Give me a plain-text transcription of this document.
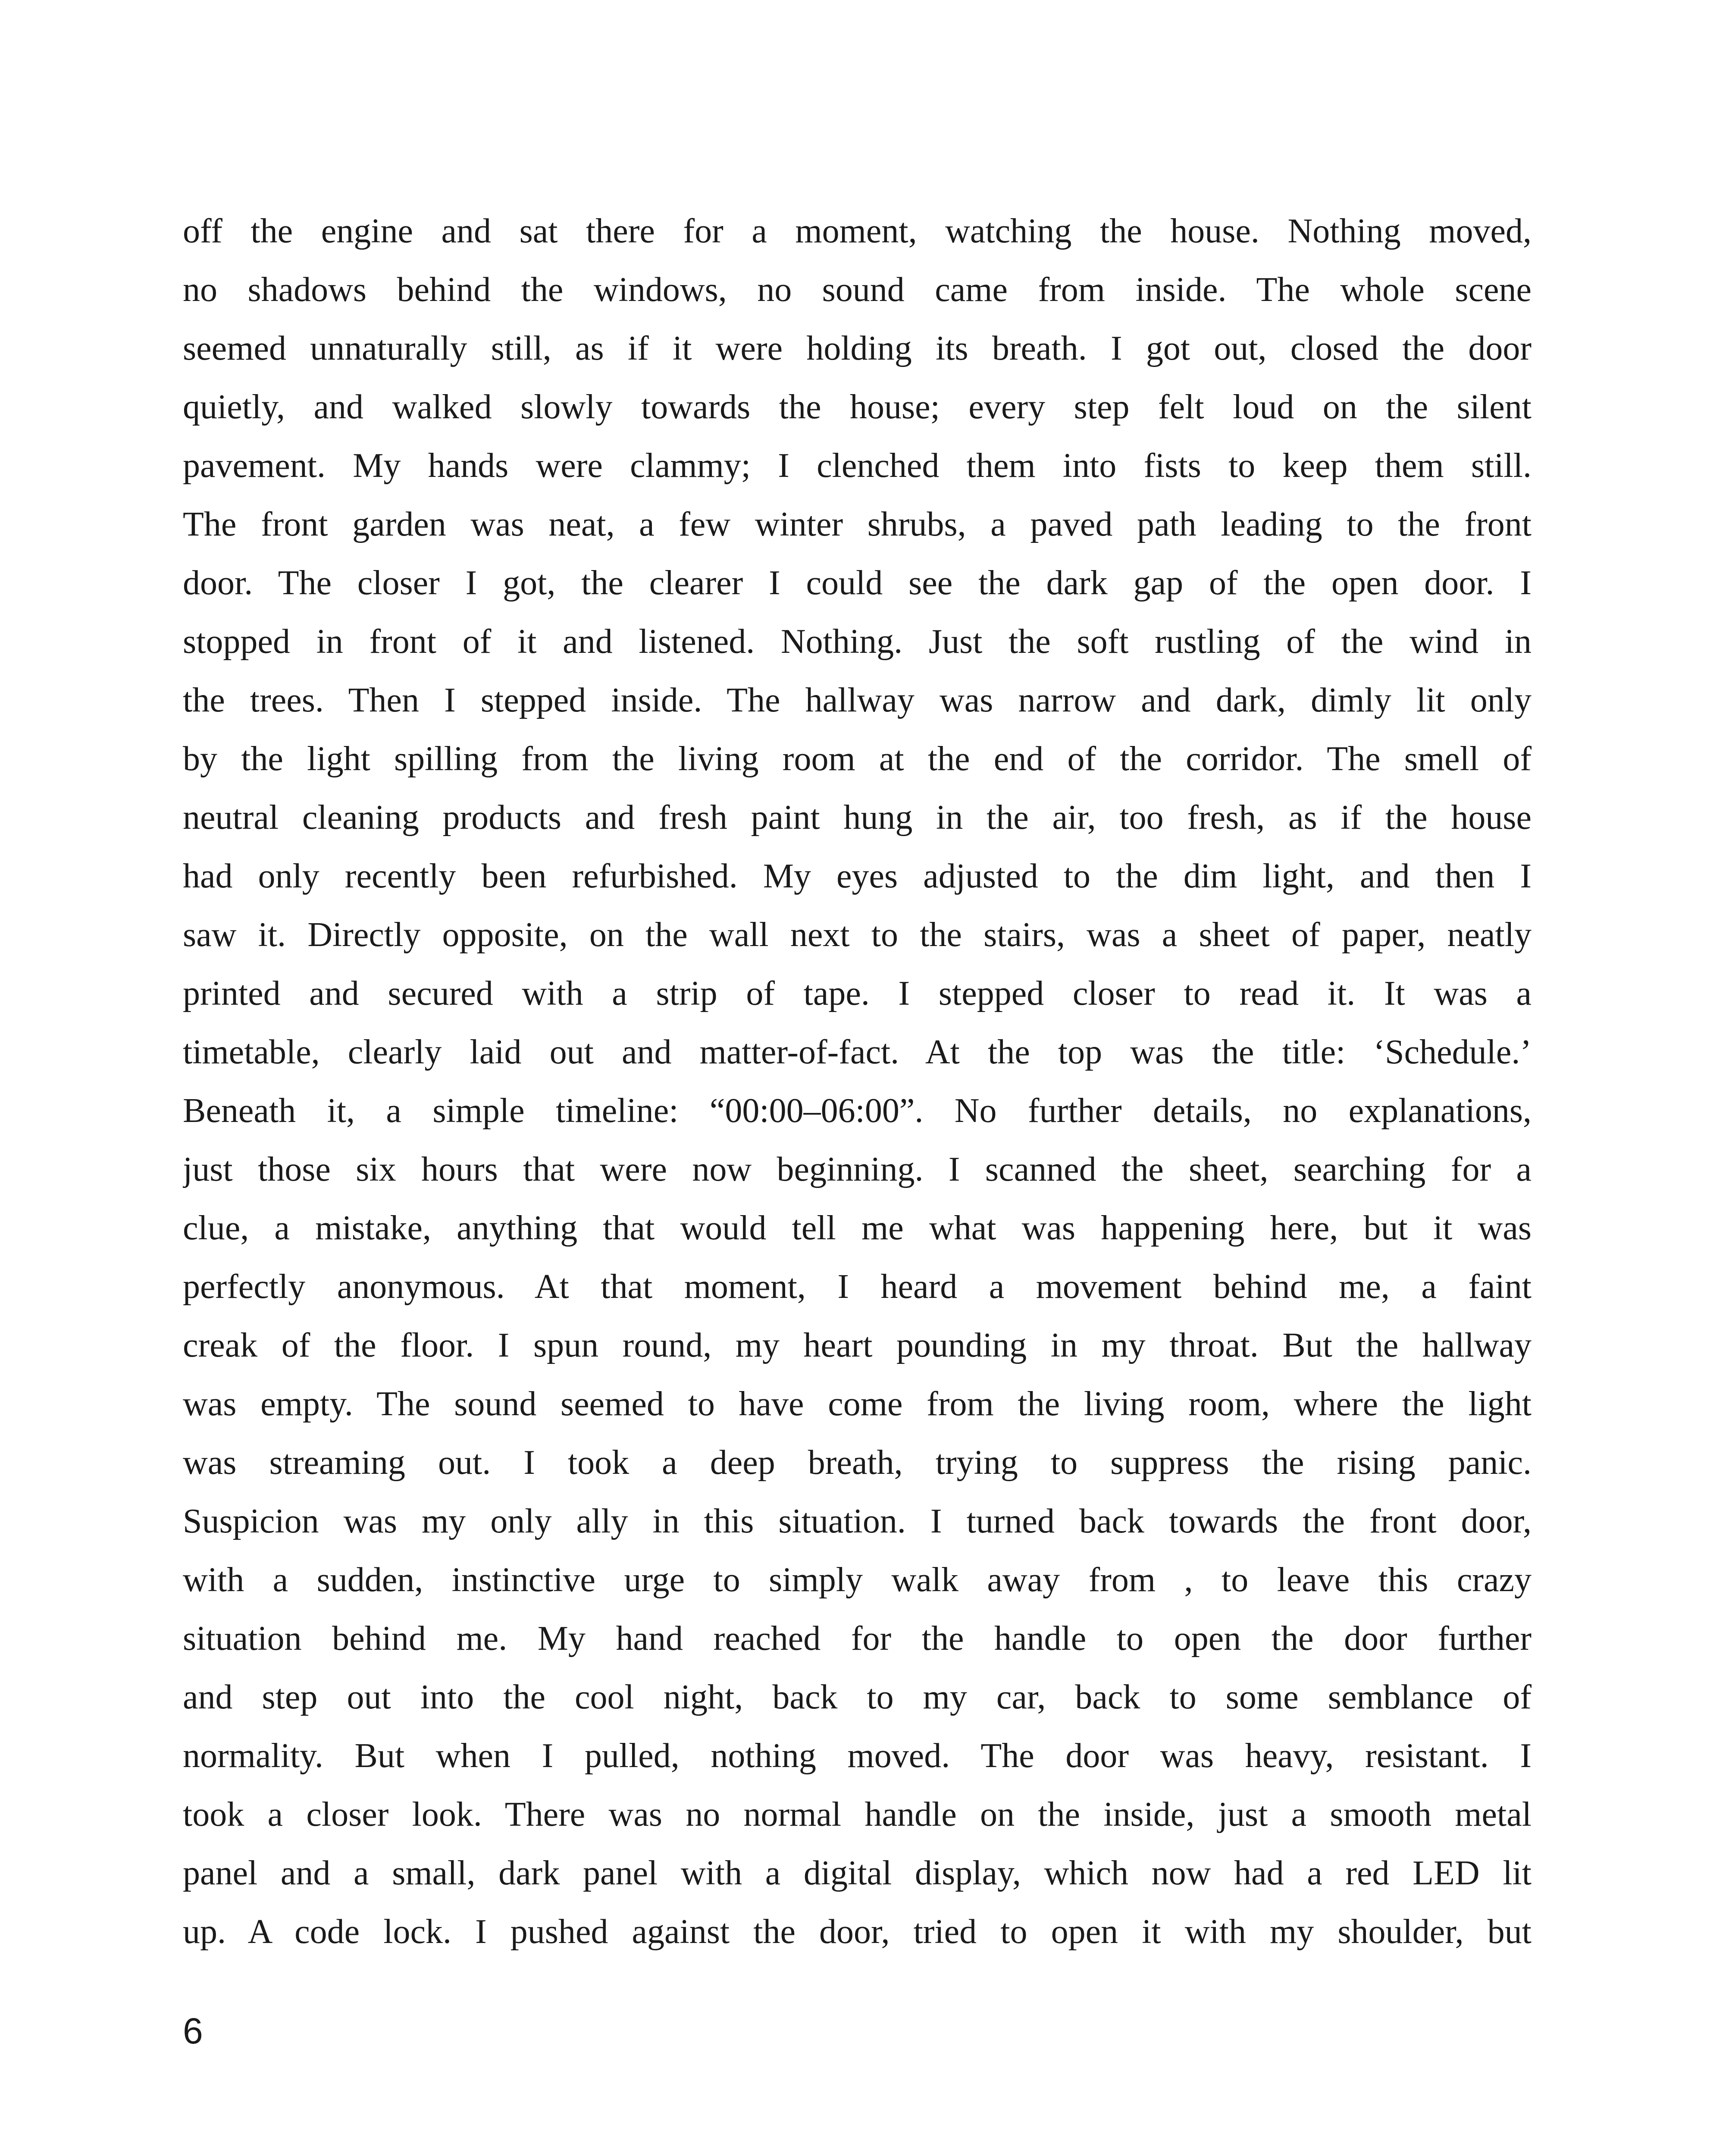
off the engine and sat there for a moment, watching the house. Nothing moved,
no shadows behind the windows, no sound came from inside. The whole scene
seemed unnaturally still, as if it were holding its breath. I got out, closed the door
quietly, and walked slowly towards the house; every step felt loud on the silent
pavement. My hands were clammy; I clenched them into fists to keep them still.
The front garden was neat, a few winter shrubs, a paved path leading to the front
door. The closer I got, the clearer I could see the dark gap of the open door. I
stopped in front of it and listened. Nothing. Just the soft rustling of the wind in
the trees. Then I stepped inside. The hallway was narrow and dark, dimly lit only
by the light spilling from the living room at the end of the corridor. The smell of
neutral cleaning products and fresh paint hung in the air, too fresh, as if the house
had only recently been refurbished. My eyes adjusted to the dim light, and then I
saw it. Directly opposite, on the wall next to the stairs, was a sheet of paper, neatly
printed and secured with a strip of tape. I stepped closer to read it. It was a
timetable, clearly laid out and matter-of-fact. At the top was the title: ‘Schedule.’
Beneath it, a simple timeline: “00:00–06:00”. No further details, no explanations,
just those six hours that were now beginning. I scanned the sheet, searching for a
clue, a mistake, anything that would tell me what was happening here, but it was
perfectly anonymous. At that moment, I heard a movement behind me, a faint
creak of the floor. I spun round, my heart pounding in my throat. But the hallway
was empty. The sound seemed to have come from the living room, where the light
was streaming out. I took a deep breath, trying to suppress the rising panic.
Suspicion was my only ally in this situation. I turned back towards the front door,
with a sudden, instinctive urge to simply walk away from , to leave this crazy
situation behind me. My hand reached for the handle to open the door further
and step out into the cool night, back to my car, back to some semblance of
normality. But when I pulled, nothing moved. The door was heavy, resistant. I
took a closer look. There was no normal handle on the inside, just a smooth metal
panel and a small, dark panel with a digital display, which now had a red LED lit
up. A code lock. I pushed against the door, tried to open it with my shoulder, but
6
